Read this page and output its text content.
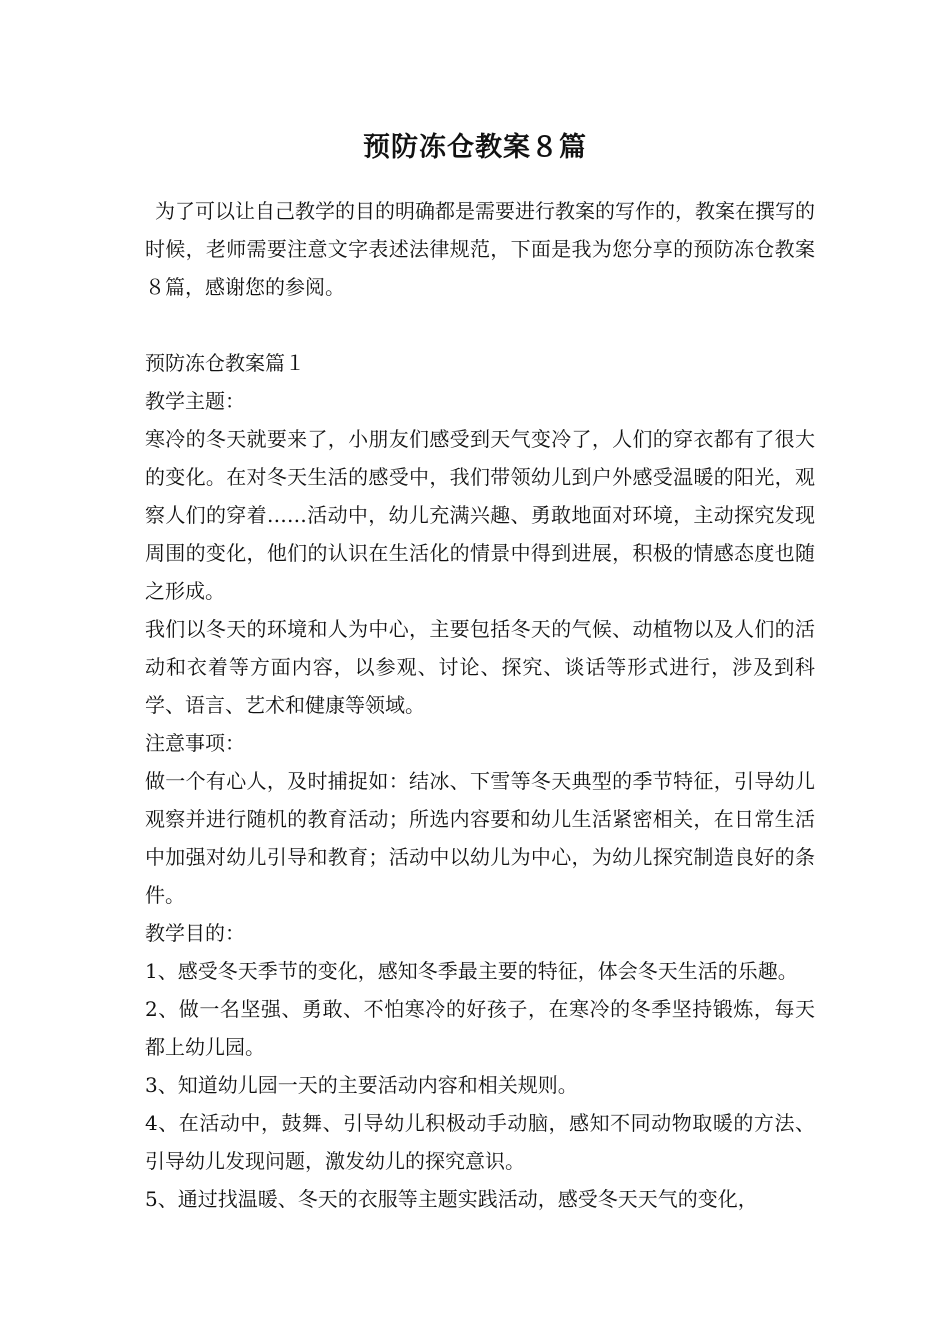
预防冻仓教案８篇

为了可以让自己教学的目的明确都是需要进行教案的写作的，教案在撰写的时候，老师需要注意文字表述法律规范，下面是我为您分享的预防冻仓教案８篇，感谢您的参阅。

预防冻仓教案篇１

教学主题：

寒冷的冬天就要来了，小朋友们感受到天气变冷了，人们的穿衣都有了很大的变化。在对冬天生活的感受中，我们带领幼儿到户外感受温暖的阳光，观察人们的穿着……活动中，幼儿充满兴趣、勇敢地面对环境，主动探究发现周围的变化，他们的认识在生活化的情景中得到进展，积极的情感态度也随之形成。

我们以冬天的环境和人为中心，主要包括冬天的气候、动植物以及人们的活动和衣着等方面内容，以参观、讨论、探究、谈话等形式进行，涉及到科学、语言、艺术和健康等领域。

注意事项：

做一个有心人，及时捕捉如：结冰、下雪等冬天典型的季节特征，引导幼儿观察并进行随机的教育活动；所选内容要和幼儿生活紧密相关，在日常生活中加强对幼儿引导和教育；活动中以幼儿为中心，为幼儿探究制造良好的条件。

教学目的：

1、感受冬天季节的变化，感知冬季最主要的特征，体会冬天生活的乐趣。

2、做一名坚强、勇敢、不怕寒冷的好孩子，在寒冷的冬季坚持锻炼，每天都上幼儿园。

3、知道幼儿园一天的主要活动内容和相关规则。

4、在活动中，鼓舞、引导幼儿积极动手动脑，感知不同动物取暖的方法、引导幼儿发现问题，激发幼儿的探究意识。

5、通过找温暖、冬天的衣服等主题实践活动，感受冬天天气的变化，
